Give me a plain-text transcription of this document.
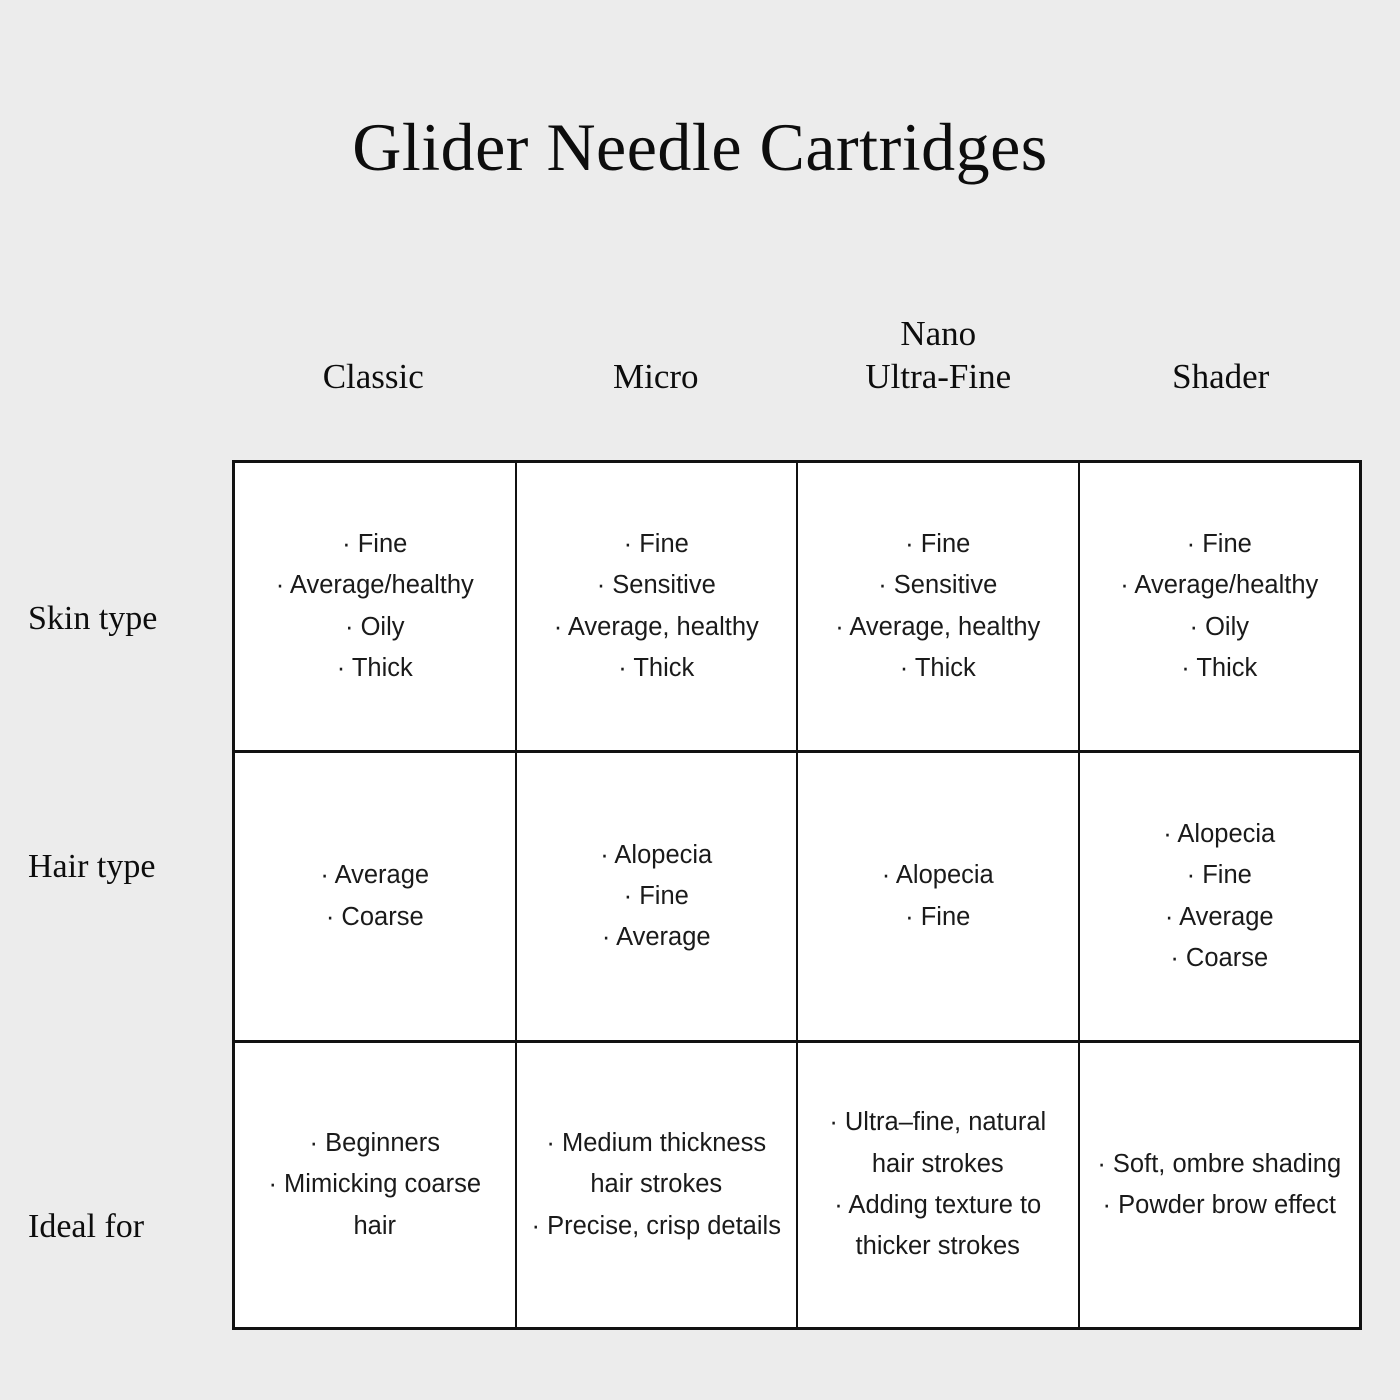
Glider Needle Cartridges
Classic	Micro
Nano
Ultra-Fine	Shader
Skin type
Hair type
Ideal for
· Fine
· Average/healthy
· Oily
· Thick
· Fine
· Sensitive
· Average, healthy
· Thick
· Fine
· Sensitive
· Average, healthy
· Thick
· Fine
· Average/healthy
· Oily
· Thick
· Average
· Coarse
· Alopecia
· Fine
· Average
· Alopecia
· Fine
· Alopecia
· Fine
· Average
· Coarse
· Beginners
· Mimicking coarse hair
· Medium thickness hair strokes
· Precise, crisp details
· Ultra–fine, natural hair strokes
· Adding texture to thicker strokes
· Soft, ombre shading
· Powder brow effect
